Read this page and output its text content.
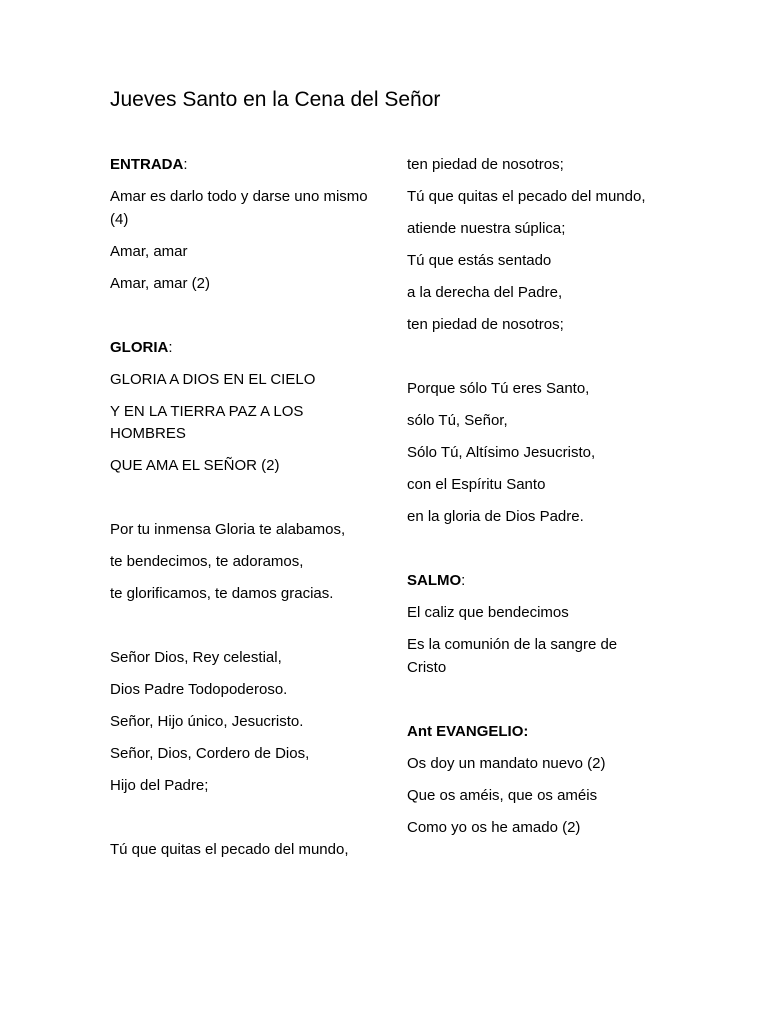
Jueves Santo en la Cena del Señor

ENTRADA:

Amar es darlo todo y darse uno mismo (4)

Amar, amar

Amar, amar (2)

GLORIA:

GLORIA A DIOS EN EL CIELO

Y EN LA TIERRA PAZ A LOS HOMBRES

QUE AMA EL SEÑOR (2)

Por tu inmensa Gloria te alabamos,

te bendecimos, te adoramos,

te glorificamos, te damos gracias.

Señor Dios, Rey celestial,

Dios Padre Todopoderoso.

Señor, Hijo único, Jesucristo.

Señor, Dios, Cordero de Dios,

Hijo del Padre;

Tú que quitas el pecado del mundo,

ten piedad de nosotros;

Tú que quitas el pecado del mundo,

atiende nuestra súplica;

Tú que estás sentado

a la derecha del Padre,

ten piedad de nosotros;

Porque sólo Tú eres Santo,

sólo Tú, Señor,

Sólo Tú, Altísimo Jesucristo,

con el Espíritu Santo

en la gloria de Dios Padre.

SALMO:

El caliz que bendecimos

Es la comunión de la sangre de Cristo

Ant EVANGELIO:

Os doy un mandato nuevo (2)

Que os améis, que os améis

Como yo os he amado (2)
